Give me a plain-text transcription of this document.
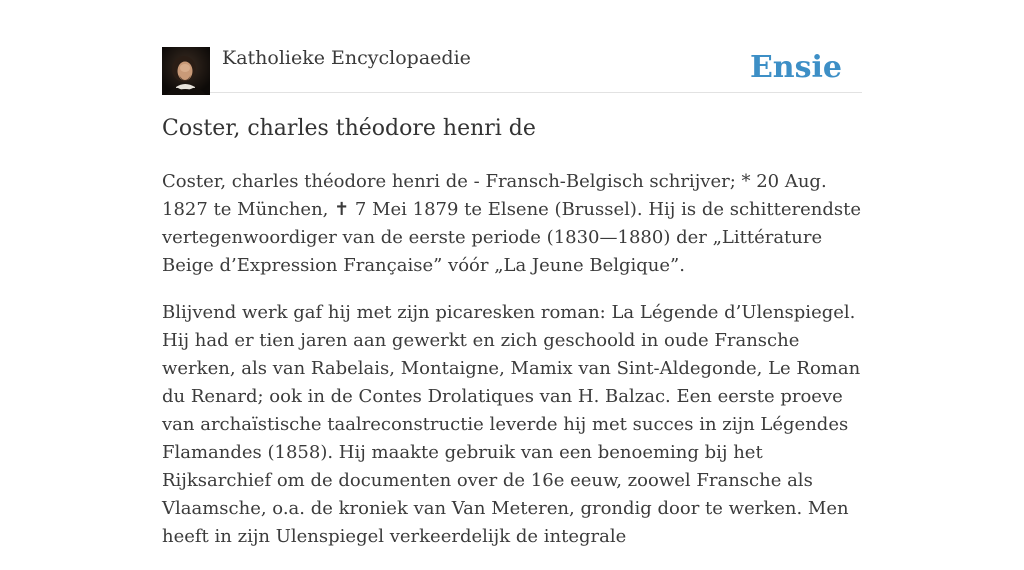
Katholieke Encyclopaedie	Ensie
Coster, charles théodore henri de

Coster, charles théodore henri de - Fransch-Belgisch schrijver; * 20 Aug. 1827 te München, ✝ 7 Mei 1879 te Elsene (Brussel). Hij is de schitterendste vertegenwoordiger van de eerste periode (1830—1880) der „Littérature Beige d’Expression Française” vóór „La Jeune Belgique”.

Blijvend werk gaf hij met zijn picaresken roman: La Légende d’Ulenspiegel. Hij had er tien jaren aan gewerkt en zich geschoold in oude Fransche werken, als van Rabelais, Montaigne, Mamix van Sint-Aldegonde, Le Roman du Renard; ook in de Contes Drolatiques van H. Balzac. Een eerste proeve van archaïstische taalreconstructie leverde hij met succes in zijn Légendes Flamandes (1858). Hij maakte gebruik van een benoeming bij het Rijksarchief om de documenten over de 16e eeuw, zoowel Fransche als Vlaamsche, o.a. de kroniek van Van Meteren, grondig door te werken. Men heeft in zijn Ulenspiegel verkeerdelijk de integrale
